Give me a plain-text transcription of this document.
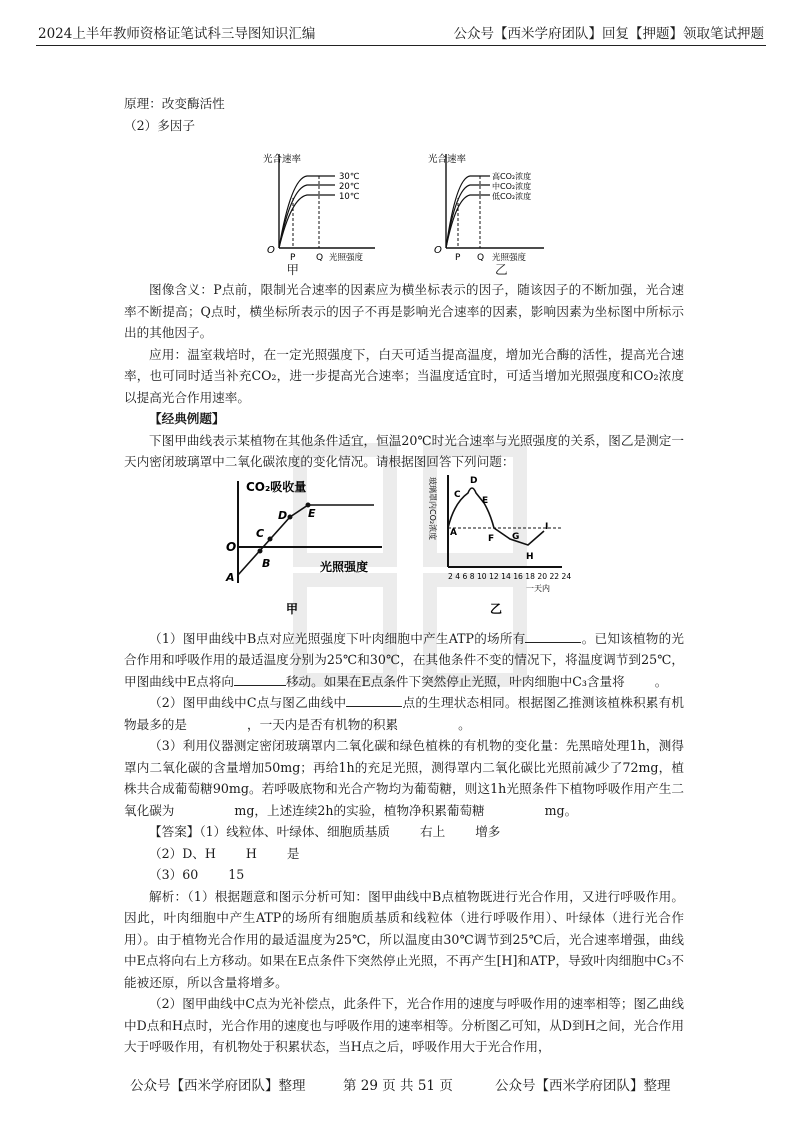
2024上半年教师资格证笔试科三导图知识汇编	公众号【西米学府团队】回复【押题】领取笔试押题

原理：改变酶活性

（2）多因子

光合速率
O
P Q 光照强度
30℃
20℃
10℃
光合速率
O
P Q 光照强度
高CO₂浓度
中CO₂浓度
低CO₂浓度
甲	乙

图像含义：P点前，限制光合速率的因素应为横坐标表示的因子，随该因子的不断加强，光合速率不断提高；Q点时，横坐标所表示的因子不再是影响光合速率的因素，影响因素为坐标图中所标示出的其他因子。

应用：温室栽培时，在一定光照强度下，白天可适当提高温度，增加光合酶的活性，提高光合速率，也可同时适当补充CO₂，进一步提高光合速率；当温度适宜时，可适当增加光照强度和CO₂浓度以提高光合作用速率。

【经典例题】

下图甲曲线表示某植物在其他条件适宜，恒温20℃时光合速率与光照强度的关系，图乙是测定一天内密闭玻璃罩中二氧化碳浓度的变化情况。请根据图回答下列问题：

CO₂吸收量
光照强度
O
A
B
C
D E
甲
玻璃罩内CO₂浓度 A
C
D
E
F G
H
I
2 4 6 8 10 12 14 16 18 20 22 24
一天内
乙

（1）图甲曲线中B点对应光照强度下叶肉细胞中产生ATP的场所有	。已知该植物的光合作用和呼吸作用的最适温度分别为25℃和30℃，在其他条件不变的情况下，将温度调节到25℃，甲图曲线中E点将向	移动。如果在E点条件下突然停止光照，叶肉细胞中C₃含量将 。

（2）图甲曲线中C点与图乙曲线中	点的生理状态相同。根据图乙推测该植株积累有机物最多的是	，一天内是否有机物的积累	。

（3）利用仪器测定密闭玻璃罩内二氧化碳和绿色植株的有机物的变化量：先黑暗处理1h，测得罩内二氧化碳的含量增加50mg；再给1h的充足光照，测得罩内二氧化碳比光照前减少了72mg，植株共合成葡萄糖90mg。若呼吸底物和光合产物均为葡萄糖，则这1h光照条件下植物呼吸作用产生二氧化碳为	mg，上述连续2h的实验，植物净积累葡萄糖	mg。

【答案】（1）线粒体、叶绿体、细胞质基质 右上 增多

（2）D、H H 是

（3）60 15

解析：（1）根据题意和图示分析可知：图甲曲线中B点植物既进行光合作用，又进行呼吸作用。因此，叶肉细胞中产生ATP的场所有细胞质基质和线粒体（进行呼吸作用）、叶绿体（进行光合作用）。由于植物光合作用的最适温度为25℃，所以温度由30℃调节到25℃后，光合速率增强，曲线中E点将向右上方移动。如果在E点条件下突然停止光照，不再产生[H]和ATP，导致叶肉细胞中C₃不能被还原，所以含量将增多。

（2）图甲曲线中C点为光补偿点，此条件下，光合作用的速度与呼吸作用的速率相等；图乙曲线中D点和H点时，光合作用的速度也与呼吸作用的速率相等。分析图乙可知，从D到H之间，光合作用大于呼吸作用，有机物处于积累状态，当H点之后，呼吸作用大于光合作用，

公众号【西米学府团队】整理	第 29 页 共 51 页	公众号【西米学府团队】整理
